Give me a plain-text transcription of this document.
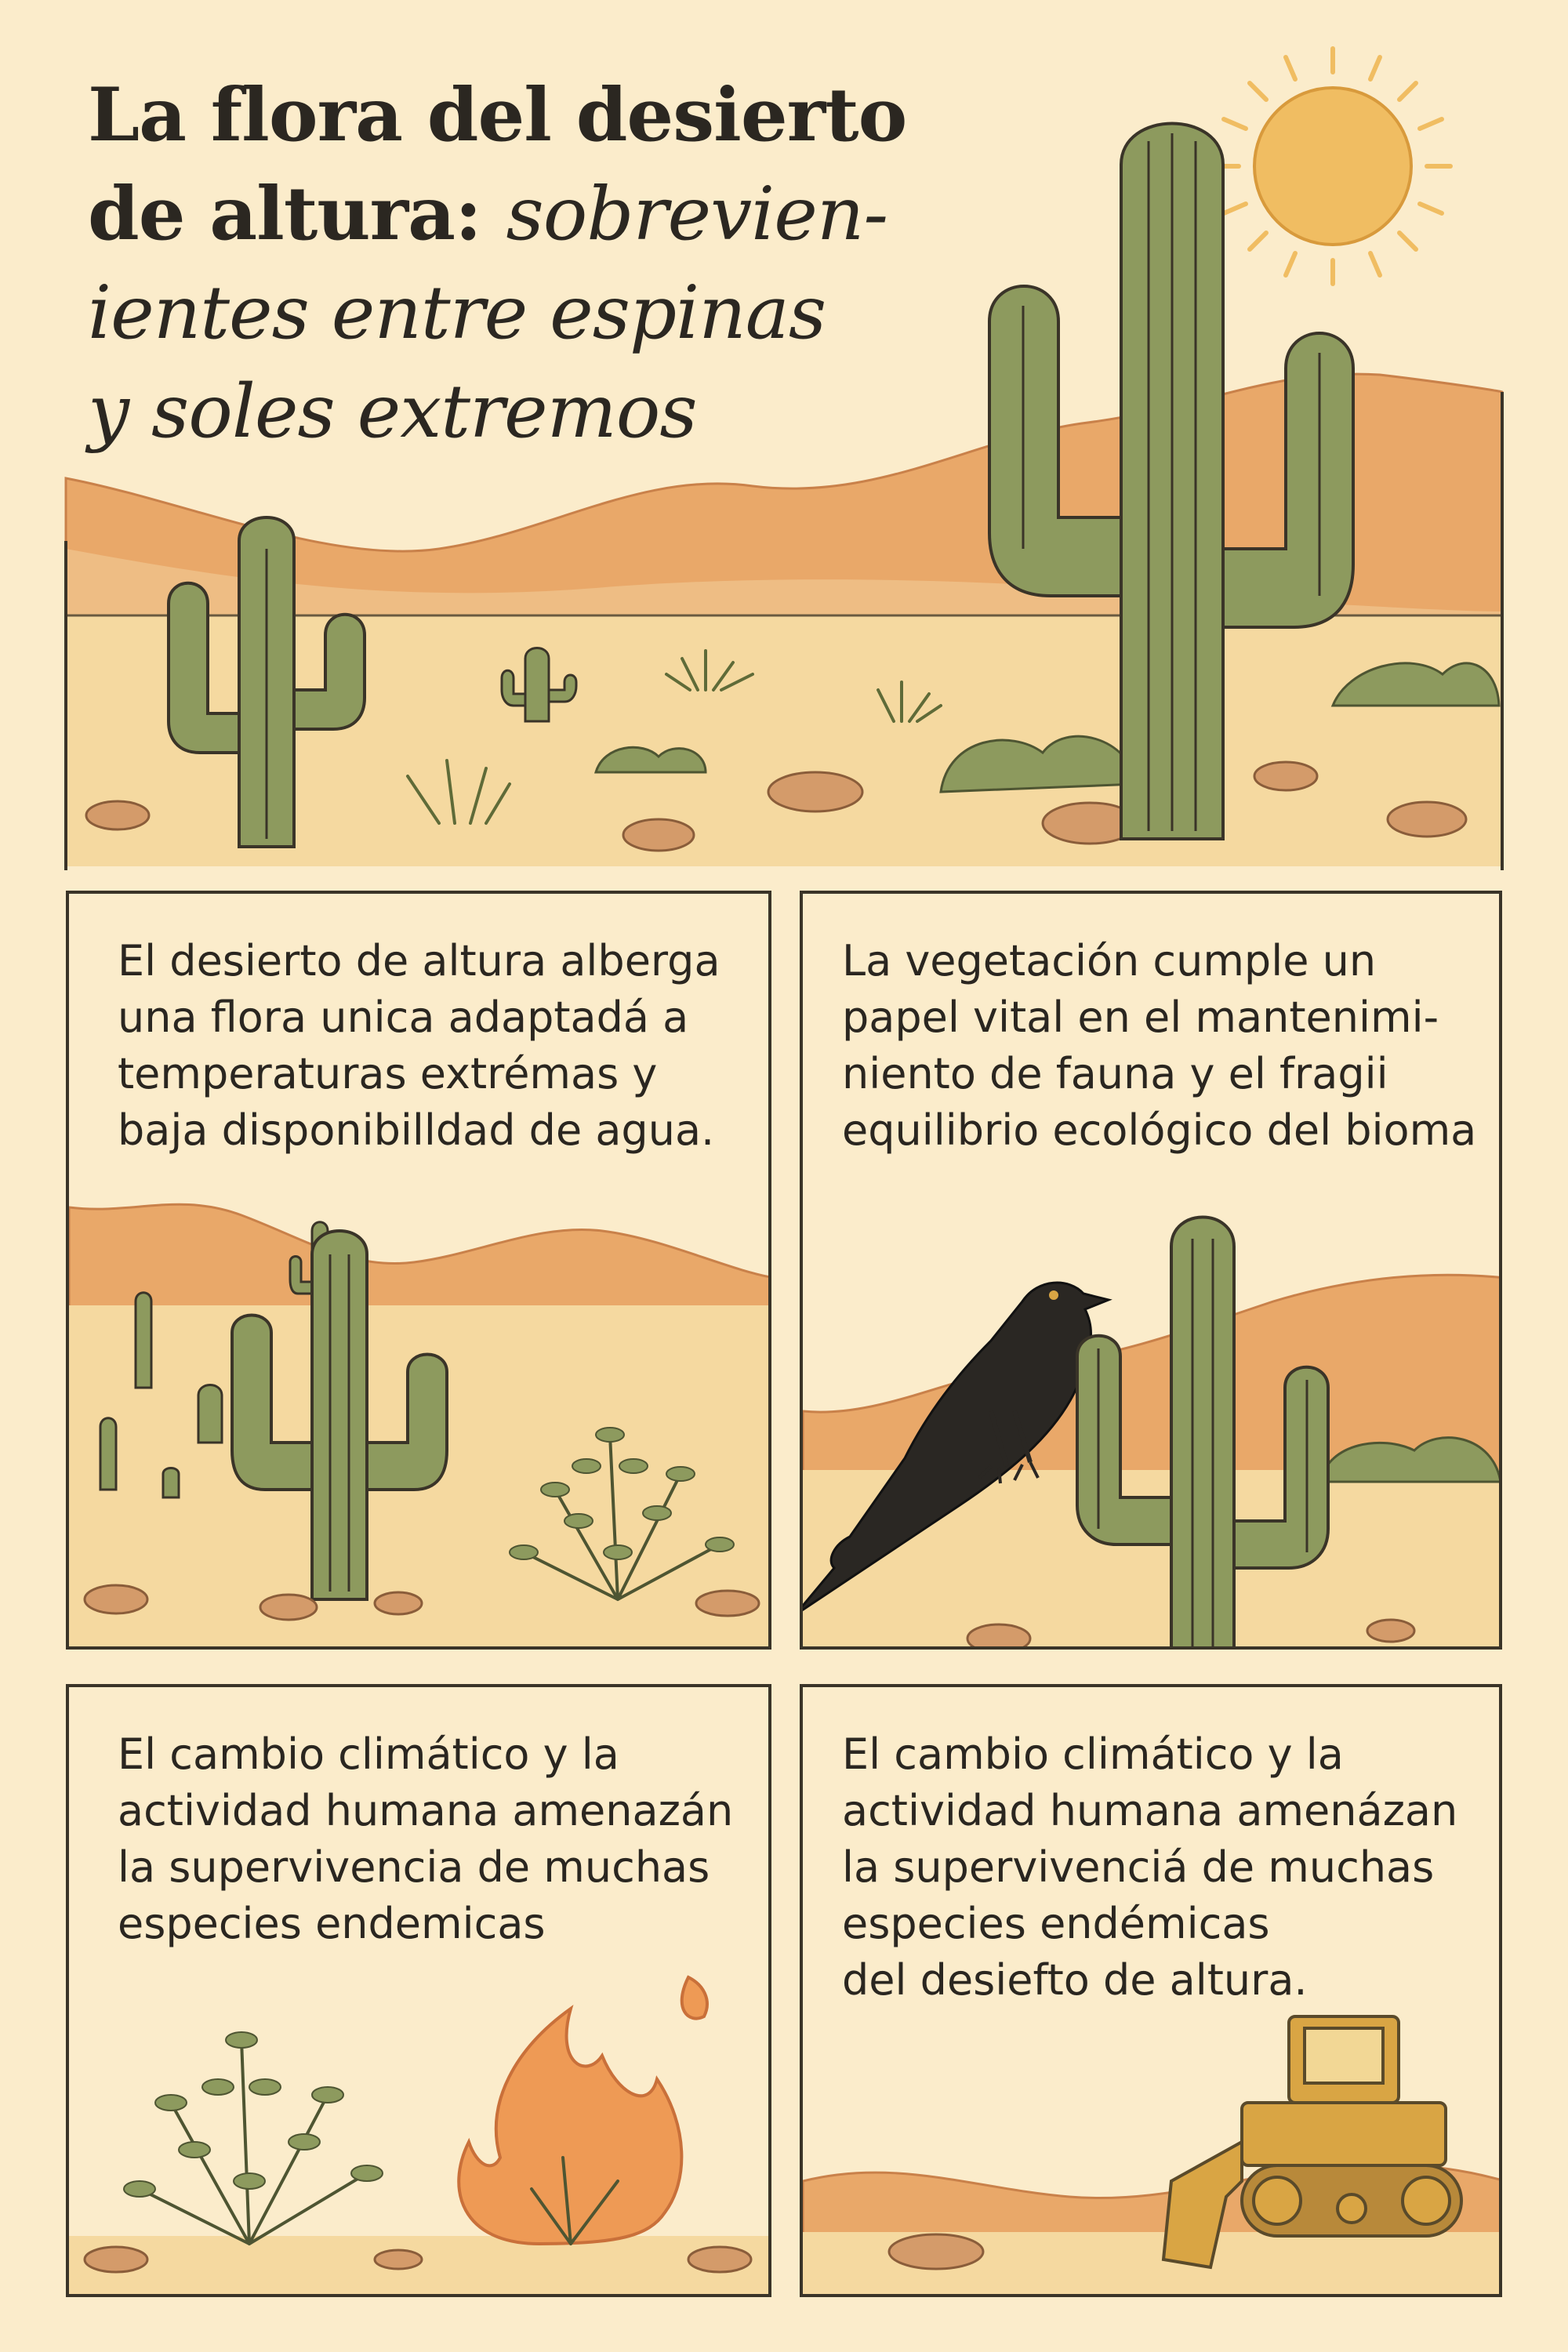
La flora del desierto
de altura: sobrevien-
ientes entre espinas
y soles extremos

El desierto de altura alberga
una flora unica adaptadá a
temperaturas extrémas y
baja disponibilldad de agua.

La vegetación cumple un
papel vital en el mantenimi-
niento de fauna y el fragii
equilibrio ecológico del bioma

El cambio climático y la
actividad humana amenazán
la supervivencia de muchas
especies endemicas

El cambio climático y la
actividad humana amenázan
la supervivenciá de muchas
especies endémicas
del desiefto de altura.
